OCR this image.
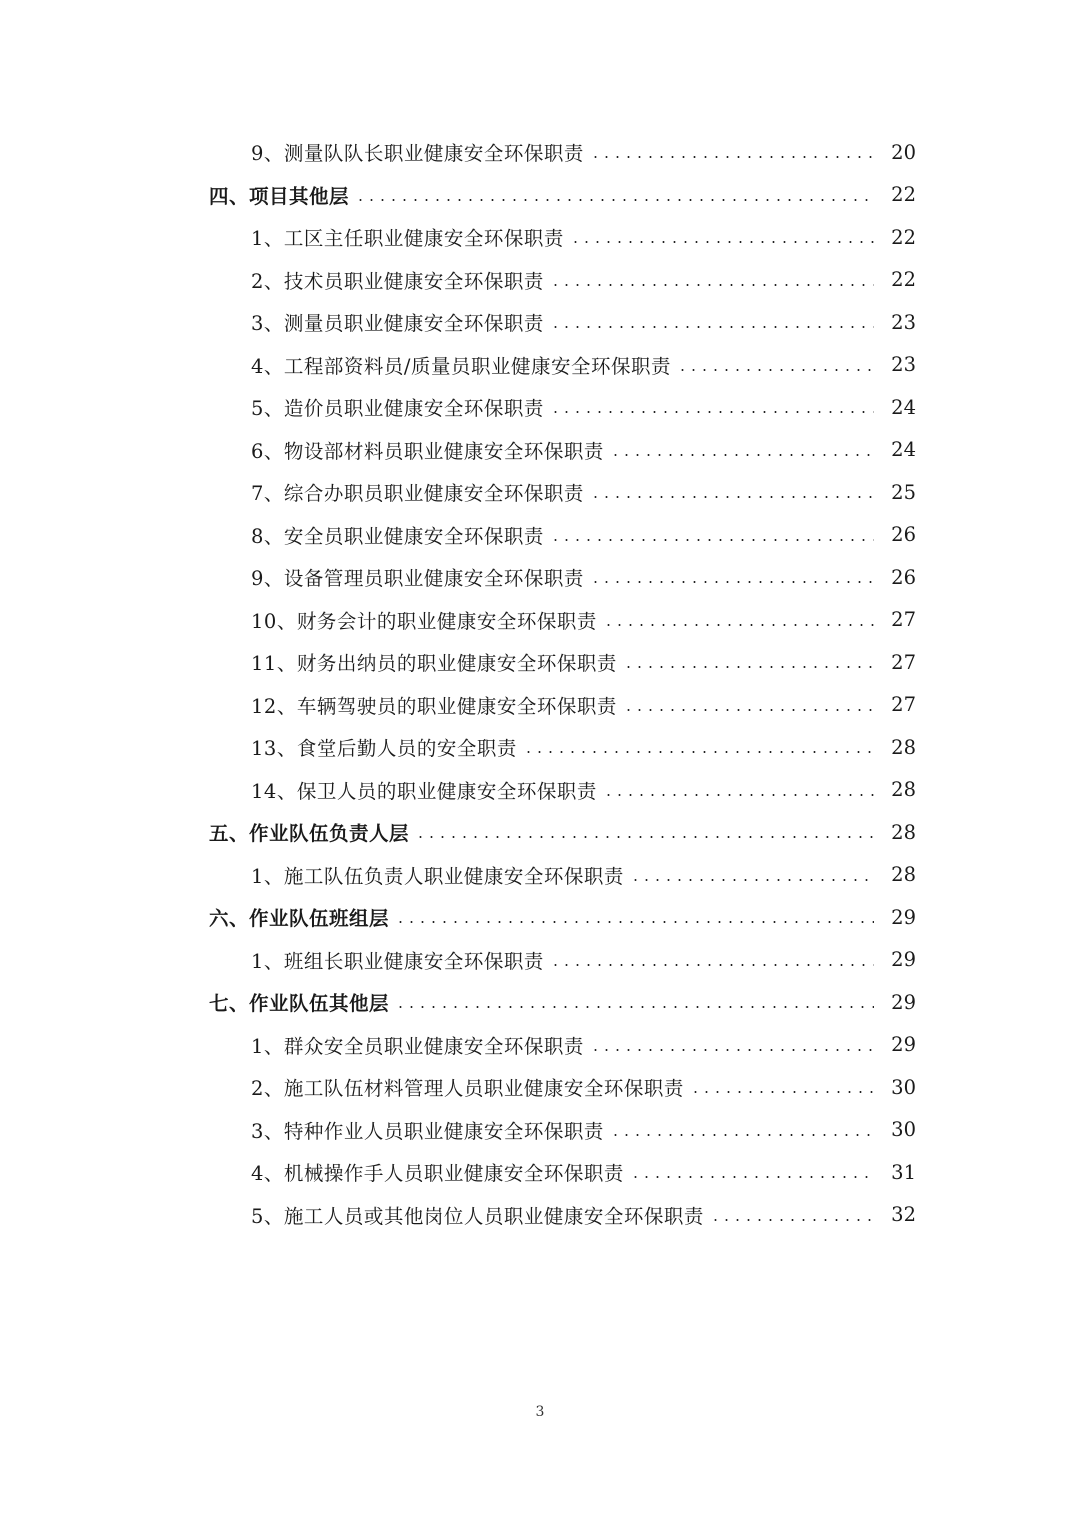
9、测量队队长职业健康安全环保职责	20
四、项目其他层	22
1、工区主任职业健康安全环保职责	22
2、技术员职业健康安全环保职责	22
3、测量员职业健康安全环保职责	23
4、工程部资料员/质量员职业健康安全环保职责	23
5、造价员职业健康安全环保职责	24
6、物设部材料员职业健康安全环保职责	24
7、综合办职员职业健康安全环保职责	25
8、安全员职业健康安全环保职责	26
9、设备管理员职业健康安全环保职责	26
10、财务会计的职业健康安全环保职责	27
11、财务出纳员的职业健康安全环保职责	27
12、车辆驾驶员的职业健康安全环保职责	27
13、食堂后勤人员的安全职责	28
14、保卫人员的职业健康安全环保职责	28
五、作业队伍负责人层	28
1、施工队伍负责人职业健康安全环保职责	28
六、作业队伍班组层	29
1、班组长职业健康安全环保职责	29
七、作业队伍其他层	29
1、群众安全员职业健康安全环保职责	29
2、施工队伍材料管理人员职业健康安全环保职责	30
3、特种作业人员职业健康安全环保职责	30
4、机械操作手人员职业健康安全环保职责	31
5、施工人员或其他岗位人员职业健康安全环保职责	32
3
